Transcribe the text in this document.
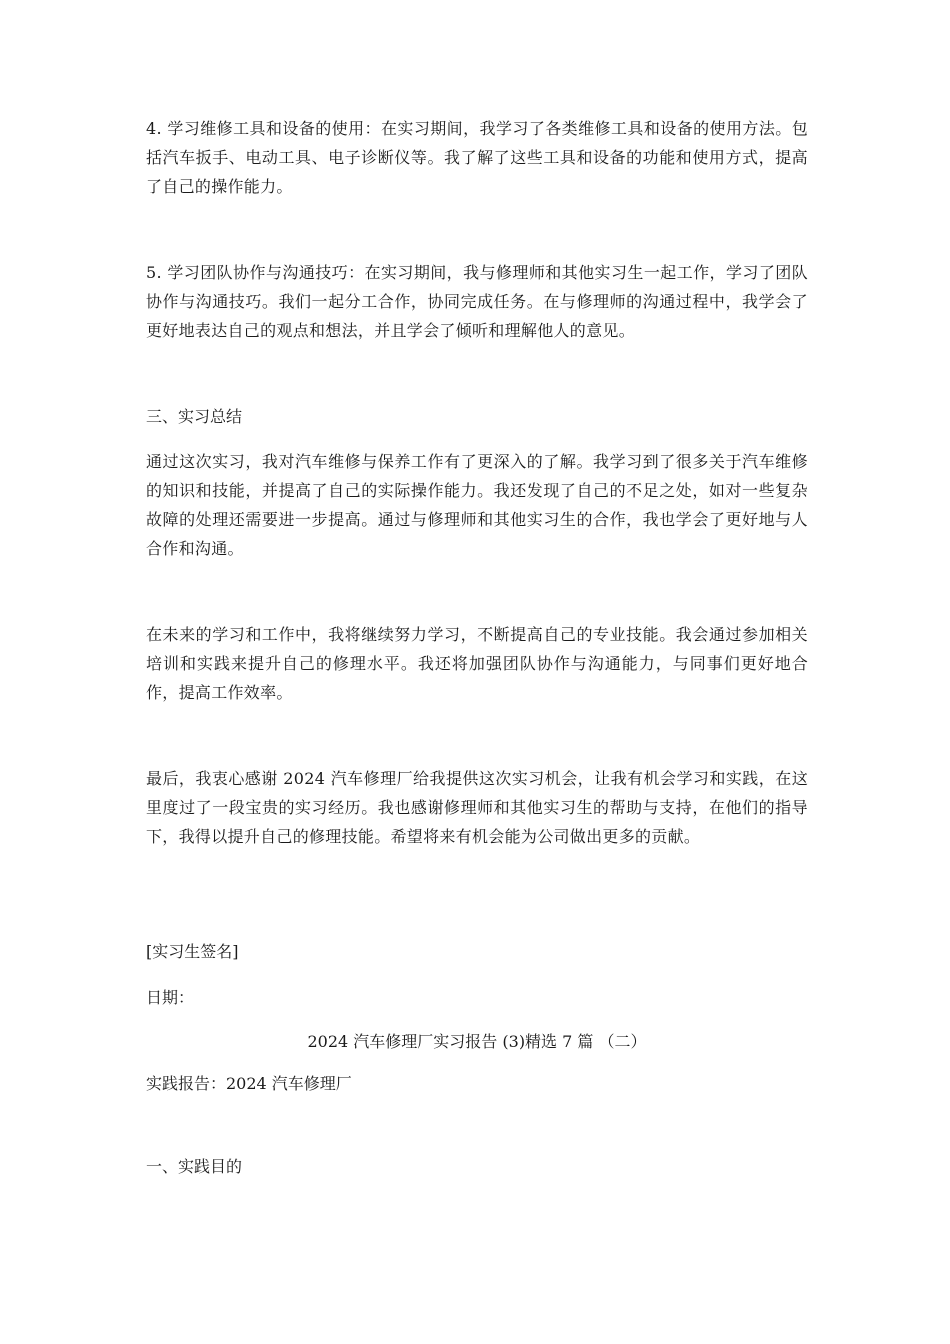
4. 学习维修工具和设备的使用：在实习期间，我学习了各类维修工具和设备的使用方法。包括汽车扳手、电动工具、电子诊断仪等。我了解了这些工具和设备的功能和使用方式，提高了自己的操作能力。

5. 学习团队协作与沟通技巧：在实习期间，我与修理师和其他实习生一起工作，学习了团队协作与沟通技巧。我们一起分工合作，协同完成任务。在与修理师的沟通过程中，我学会了更好地表达自己的观点和想法，并且学会了倾听和理解他人的意见。

三、实习总结

通过这次实习，我对汽车维修与保养工作有了更深入的了解。我学习到了很多关于汽车维修的知识和技能，并提高了自己的实际操作能力。我还发现了自己的不足之处，如对一些复杂故障的处理还需要进一步提高。通过与修理师和其他实习生的合作，我也学会了更好地与人合作和沟通。

在未来的学习和工作中，我将继续努力学习，不断提高自己的专业技能。我会通过参加相关培训和实践来提升自己的修理水平。我还将加强团队协作与沟通能力，与同事们更好地合作，提高工作效率。

最后，我衷心感谢 2024 汽车修理厂给我提供这次实习机会，让我有机会学习和实践，在这里度过了一段宝贵的实习经历。我也感谢修理师和其他实习生的帮助与支持，在他们的指导下，我得以提升自己的修理技能。希望将来有机会能为公司做出更多的贡献。

[实习生签名]

日期：

2024 汽车修理厂实习报告 (3)精选 7 篇 （二）

实践报告：2024 汽车修理厂

一、实践目的
